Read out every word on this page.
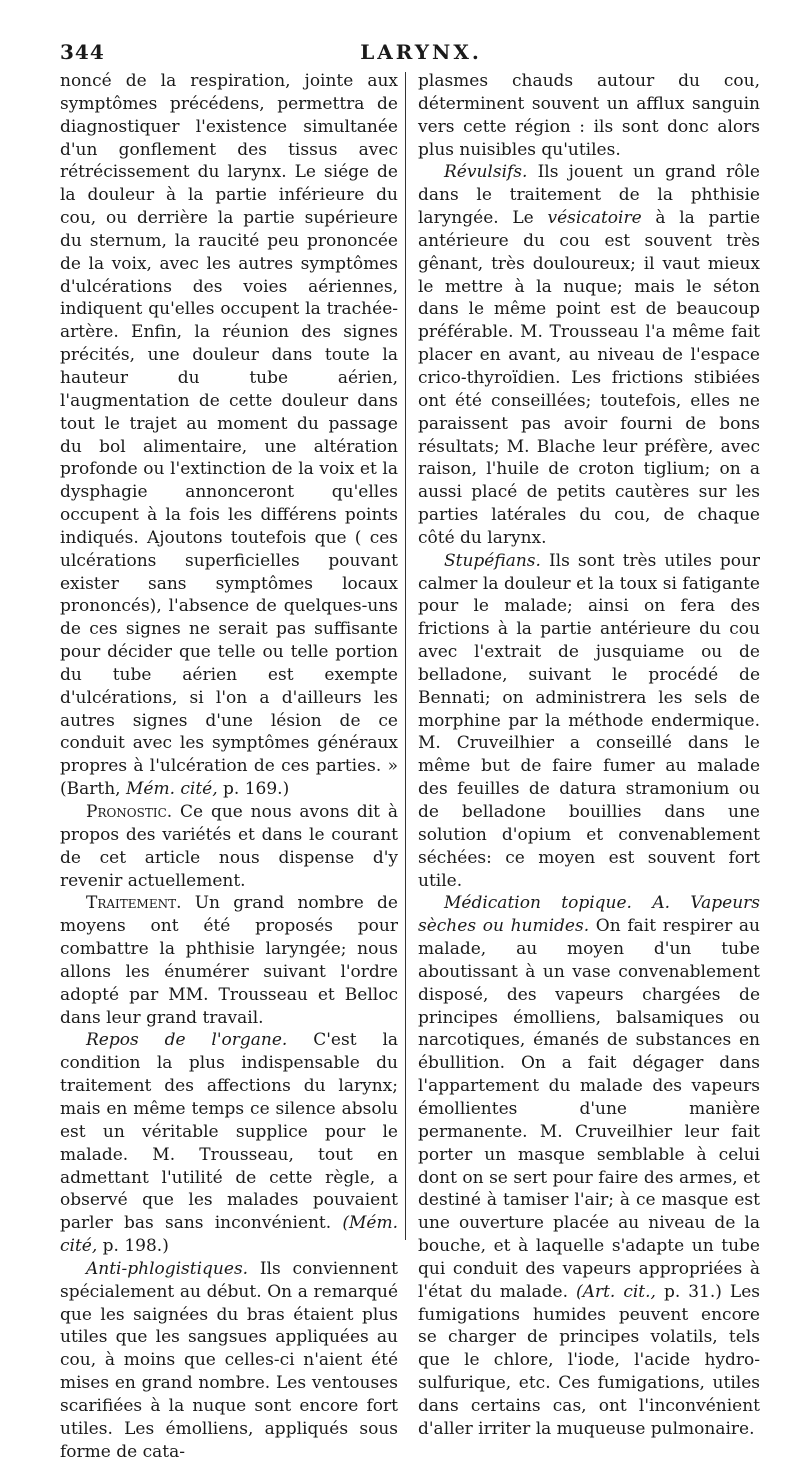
344	LARYNX.

noncé de la respiration, jointe aux symptômes précédens, permettra de diagnostiquer l'existence simultanée d'un gonflement des tissus avec rétrécissement du larynx. Le siége de la douleur à la partie inférieure du cou, ou derrière la partie supérieure du sternum, la raucité peu prononcée de la voix, avec les autres symptômes d'ulcérations des voies aériennes, indiquent qu'elles occupent la trachée-artère. Enfin, la réunion des signes précités, une douleur dans toute la hauteur du tube aérien, l'augmentation de cette douleur dans tout le trajet au moment du passage du bol alimentaire, une altération profonde ou l'extinction de la voix et la dysphagie annonceront qu'elles occupent à la fois les différens points indiqués. Ajoutons toutefois que ( ces ulcérations superficielles pouvant exister sans symptômes locaux prononcés), l'absence de quelques-uns de ces signes ne serait pas suffisante pour décider que telle ou telle portion du tube aérien est exempte d'ulcérations, si l'on a d'ailleurs les autres signes d'une lésion de ce conduit avec les symptômes généraux propres à l'ulcération de ces parties. » (Barth, Mém. cité, p. 169.)

Pronostic. Ce que nous avons dit à propos des variétés et dans le courant de cet article nous dispense d'y revenir actuellement.

Traitement. Un grand nombre de moyens ont été proposés pour combattre la phthisie laryngée; nous allons les énumérer suivant l'ordre adopté par MM. Trousseau et Belloc dans leur grand travail.

Repos de l'organe. C'est la condition la plus indispensable du traitement des affections du larynx; mais en même temps ce silence absolu est un véritable supplice pour le malade. M. Trousseau, tout en admettant l'utilité de cette règle, a observé que les malades pouvaient parler bas sans inconvénient. (Mém. cité, p. 198.)

Anti-phlogistiques. Ils conviennent spécialement au début. On a remarqué que les saignées du bras étaient plus utiles que les sangsues appliquées au cou, à moins que celles-ci n'aient été mises en grand nombre. Les ventouses scarifiées à la nuque sont encore fort utiles. Les émolliens, appliqués sous forme de cata-

plasmes chauds autour du cou, déterminent souvent un afflux sanguin vers cette région : ils sont donc alors plus nuisibles qu'utiles.

Révulsifs. Ils jouent un grand rôle dans le traitement de la phthisie laryngée. Le vésicatoire à la partie antérieure du cou est souvent très gênant, très douloureux; il vaut mieux le mettre à la nuque; mais le séton dans le même point est de beaucoup préférable. M. Trousseau l'a même fait placer en avant, au niveau de l'espace crico-thyroïdien. Les frictions stibiées ont été conseillées; toutefois, elles ne paraissent pas avoir fourni de bons résultats; M. Blache leur préfère, avec raison, l'huile de croton tiglium; on a aussi placé de petits cautères sur les parties latérales du cou, de chaque côté du larynx.

Stupéfians. Ils sont très utiles pour calmer la douleur et la toux si fatigante pour le malade; ainsi on fera des frictions à la partie antérieure du cou avec l'extrait de jusquiame ou de belladone, suivant le procédé de Bennati; on administrera les sels de morphine par la méthode endermique. M. Cruveilhier a conseillé dans le même but de faire fumer au malade des feuilles de datura stramonium ou de belladone bouillies dans une solution d'opium et convenablement séchées: ce moyen est souvent fort utile.

Médication topique. A. Vapeurs sèches ou humides. On fait respirer au malade, au moyen d'un tube aboutissant à un vase convenablement disposé, des vapeurs chargées de principes émolliens, balsamiques ou narcotiques, émanés de substances en ébullition. On a fait dégager dans l'appartement du malade des vapeurs émollientes d'une manière permanente. M. Cruveilhier leur fait porter un masque semblable à celui dont on se sert pour faire des armes, et destiné à tamiser l'air; à ce masque est une ouverture placée au niveau de la bouche, et à laquelle s'adapte un tube qui conduit des vapeurs appropriées à l'état du malade. (Art. cit., p. 31.) Les fumigations humides peuvent encore se charger de principes volatils, tels que le chlore, l'iode, l'acide hydro-sulfurique, etc. Ces fumigations, utiles dans certains cas, ont l'inconvénient d'aller irriter la muqueuse pulmonaire.
